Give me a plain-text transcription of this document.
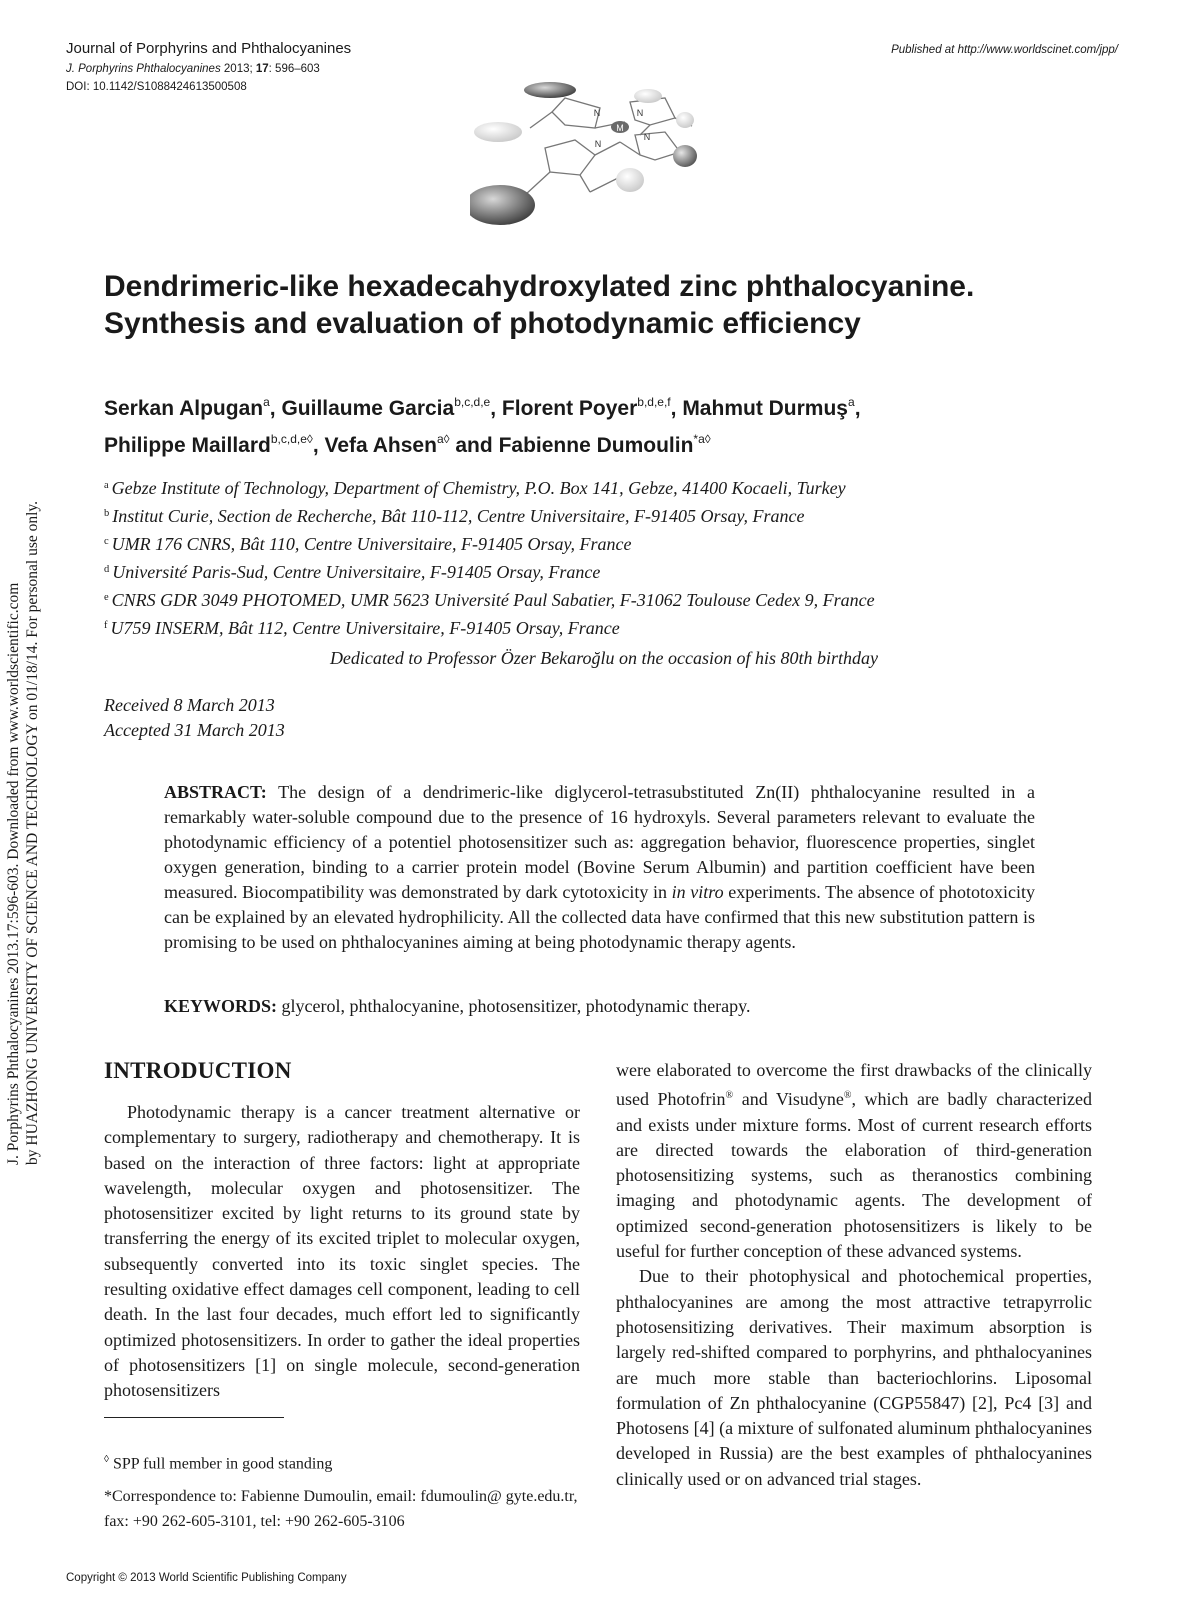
Journal of Porphyrins and Phthalocyanines
J. Porphyrins Phthalocyanines 2013; 17: 596–603
DOI: 10.1142/S1088424613500508
Published at http://www.worldscinet.com/jpp/
M
N	N
N
N
J. Porphyrins Phthalocyanines 2013.17:596-603. Downloaded from www.worldscientific.com by HUAZHONG UNIVERSITY OF SCIENCE AND TECHNOLOGY on 01/18/14. For personal use only.
Dendrimeric-like hexadecahydroxylated zinc phthalocyanine.
Synthesis and evaluation of photodynamic efficiency
Serkan Alpugan$^a$, Guillaume Garcia$^{b,c,d,e}$, Florent Poyer$^{b,d,e,f}$, Mahmut Durmuş$^a$,
Philippe Maillard$^{b,c,d,e◊}$, Vefa Ahsen$^{a◊}$ and Fabienne Dumoulin$^{*a◊}$
$^a$ Gebze Institute of Technology, Department of Chemistry, P.O. Box 141, Gebze, 41400 Kocaeli, Turkey
$^b$ Institut Curie, Section de Recherche, Bât 110-112, Centre Universitaire, F-91405 Orsay, France
$^c$ UMR 176 CNRS, Bât 110, Centre Universitaire, F-91405 Orsay, France
$^d$ Université Paris-Sud, Centre Universitaire, F-91405 Orsay, France
$^e$ CNRS GDR 3049 PHOTOMED, UMR 5623 Université Paul Sabatier, F-31062 Toulouse Cedex 9, France
$^f$ U759 INSERM, Bât 112, Centre Universitaire, F-91405 Orsay, France
Dedicated to Professor Özer Bekaroğlu on the occasion of his 80th birthday
Received 8 March 2013
Accepted 31 March 2013
ABSTRACT: The design of a dendrimeric-like diglycerol-tetrasubstituted Zn(II) phthalocyanine resulted in a remarkably water-soluble compound due to the presence of 16 hydroxyls. Several parameters relevant to evaluate the photodynamic efficiency of a potentiel photosensitizer such as: aggregation behavior, fluorescence properties, singlet oxygen generation, binding to a carrier protein model (Bovine Serum Albumin) and partition coefficient have been measured. Biocompatibility was demonstrated by dark cytotoxicity in in vitro experiments. The absence of phototoxicity can be explained by an elevated hydrophilicity. All the collected data have confirmed that this new substitution pattern is promising to be used on phthalocyanines aiming at being photodynamic therapy agents.
KEYWORDS: glycerol, phthalocyanine, photosensitizer, photodynamic therapy.
INTRODUCTION

Photodynamic therapy is a cancer treatment alternative or complementary to surgery, radiotherapy and chemotherapy. It is based on the interaction of three factors: light at appropriate wavelength, molecular oxygen and photosensitizer. The photosensitizer excited by light returns to its ground state by transferring the energy of its excited triplet to molecular oxygen, subsequently converted into its toxic singlet species. The resulting oxidative effect damages cell component, leading to cell death. In the last four decades, much effort led to significantly optimized photosensitizers. In order to gather the ideal properties of photosensitizers [1] on single molecule, second-generation photosensitizers

were elaborated to overcome the first drawbacks of the clinically used Photofrin® and Visudyne®, which are badly characterized and exists under mixture forms. Most of current research efforts are directed towards the elaboration of third-generation photosensitizing systems, such as theranostics combining imaging and photodynamic agents. The development of optimized second-generation photosensitizers is likely to be useful for further conception of these advanced systems.

Due to their photophysical and photochemical properties, phthalocyanines are among the most attractive tetrapyrrolic photosensitizing derivatives. Their maximum absorption is largely red-shifted compared to porphyrins, and phthalocyanines are much more stable than bacteriochlorins. Liposomal formulation of Zn phthalocyanine (CGP55847) [2], Pc4 [3] and Photosens [4] (a mixture of sulfonated aluminum phthalocyanines developed in Russia) are the best examples of phthalocyanines clinically used or on advanced trial stages.

◊ SPP full member in good standing
*Correspondence to: Fabienne Dumoulin, email: fdumoulin@ gyte.edu.tr, fax: +90 262-605-3101, tel: +90 262-605-3106
Copyright © 2013 World Scientific Publishing Company
